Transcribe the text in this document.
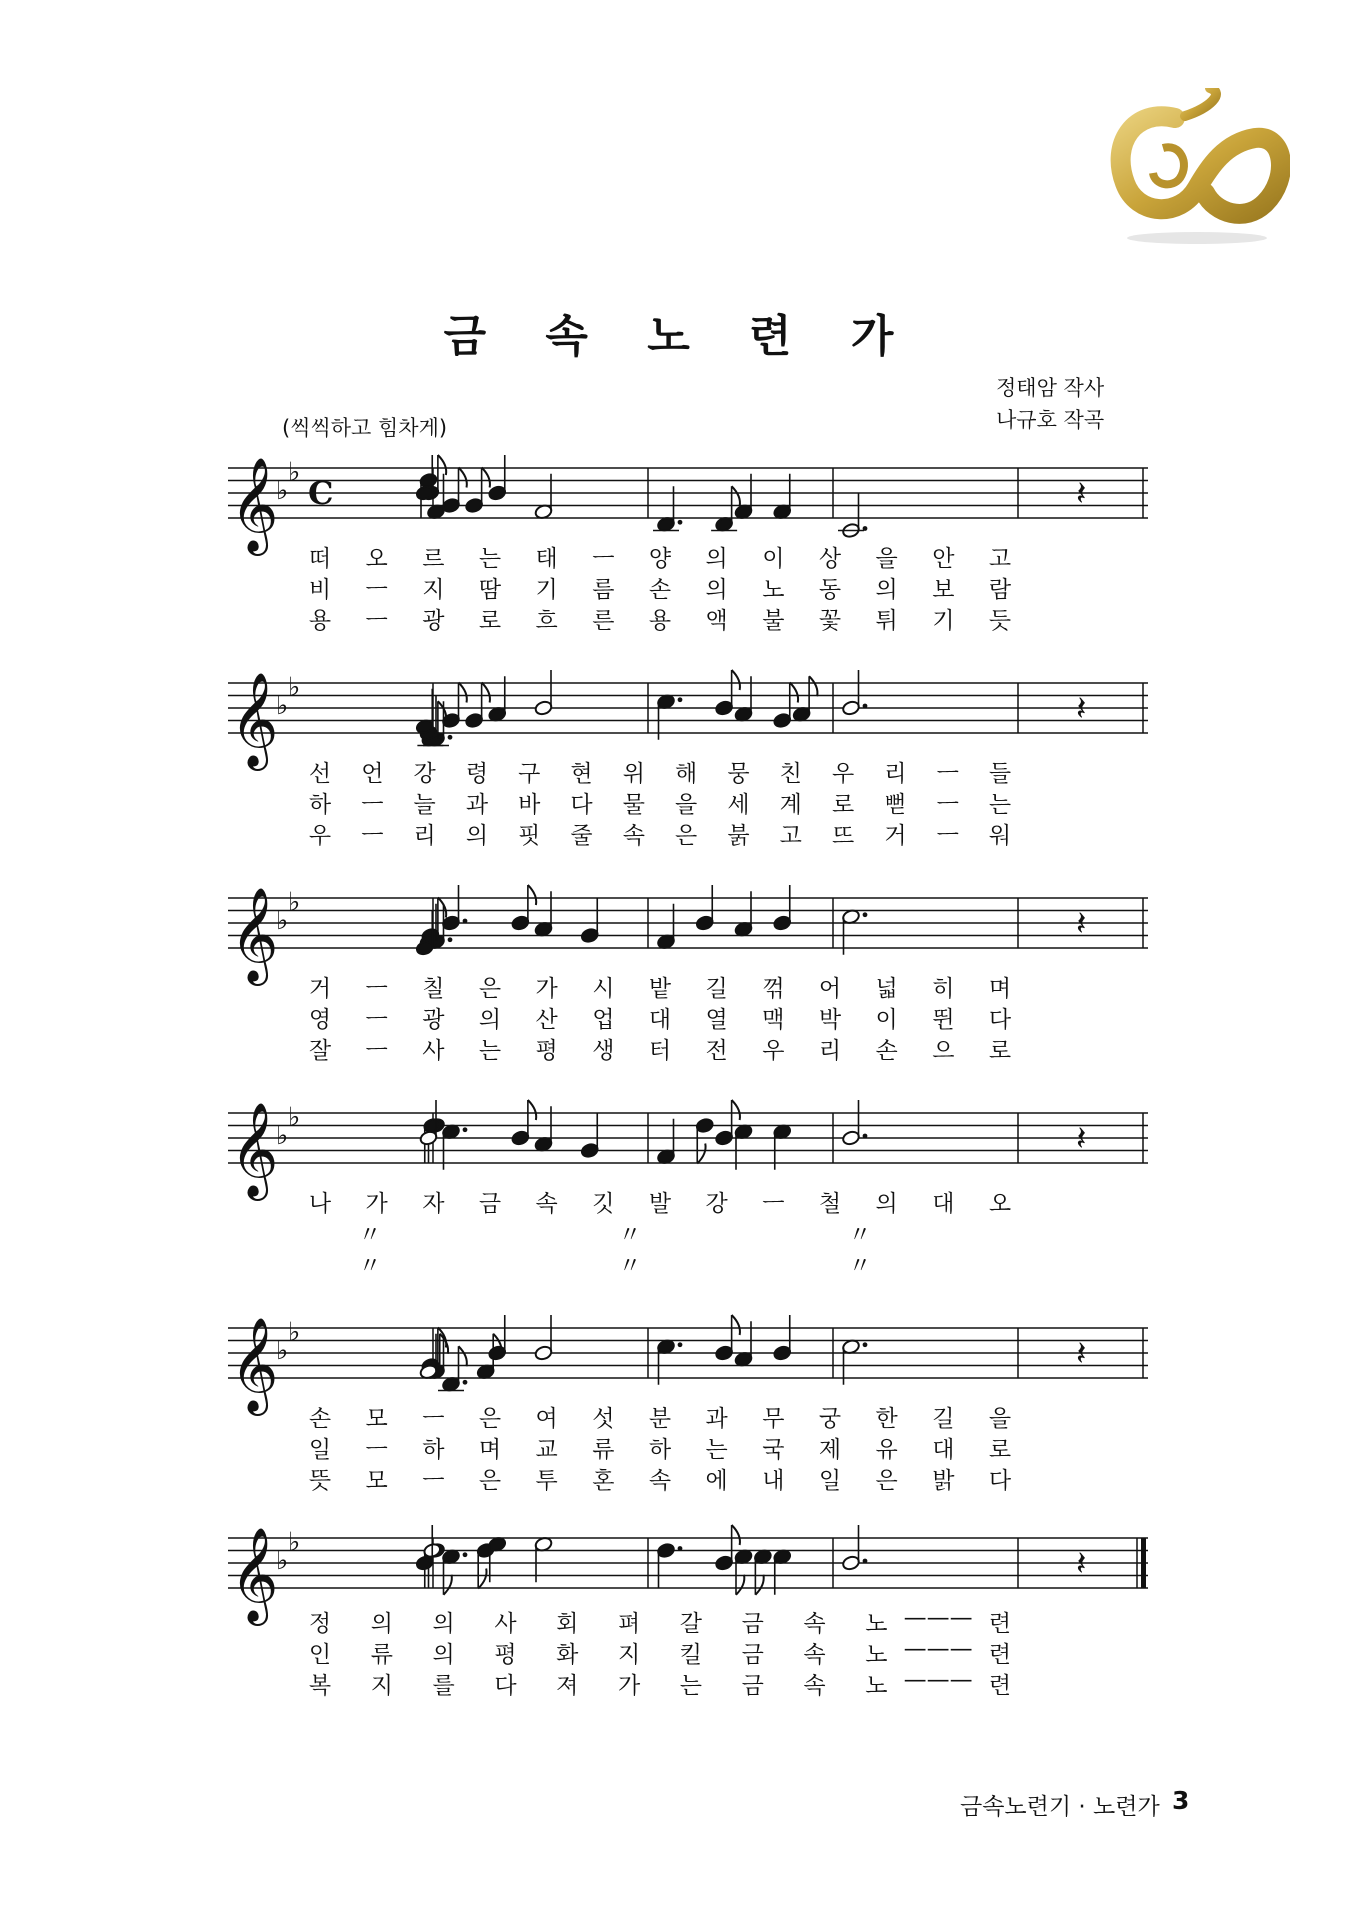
금 속 노 련 가
정태암 작사
나규호 작곡
(씩씩하고 힘차게)
𝄞
♭
♭
C	𝄽
𝄞
♭
♭
𝄽
𝄞
♭
♭
𝄽
𝄞
♭
♭
𝄽
𝄞
♭
♭
𝄽
𝄞
♭
♭
𝄽
떠 오 르 는 태 ㅡ 양 의 이 상 을 안 고
비 ㅡ 지 땀 기 름 손 의 노 동 의 보 람
용 ㅡ 광 로 흐 른 용 액 불 꽃 튀 기 듯
선 언 강 령 구 현 위 해 뭉 친 우 리 ㅡ 들
하 ㅡ 늘 과 바 다 물 을 세 계 로 뻗 ㅡ 는
우 ㅡ 리 의 핏 줄 속 은 붉 고 뜨 거 ㅡ 워
거 ㅡ 칠 은 가 시 밭 길 꺾 어 넓 히 며
영 ㅡ 광 의 산 업 대 열 맥 박 이 뛴 다
잘 ㅡ 사 는 평 생 터 전 우 리 손 으 로
나 가 자 금 속 깃 발 강 ㅡ 철 의 대 오
〃	〃	〃
〃	〃	〃
손 모 ㅡ 은 여 섯 분 과 무 궁 한 길 을
일 ㅡ 하 며 교 류 하 는 국 제 유 대 로
뜻 모 ㅡ 은 투 혼 속 에 내 일 은 밝 다
정 의 의 사 회 펴 갈 금 속 노 ——— 련
인 류 의 평 화 지 킬 금 속 노 ——— 련
복 지 를 다 져 가 는 금 속 노 ——— 련
금속노련기 · 노련가 3
